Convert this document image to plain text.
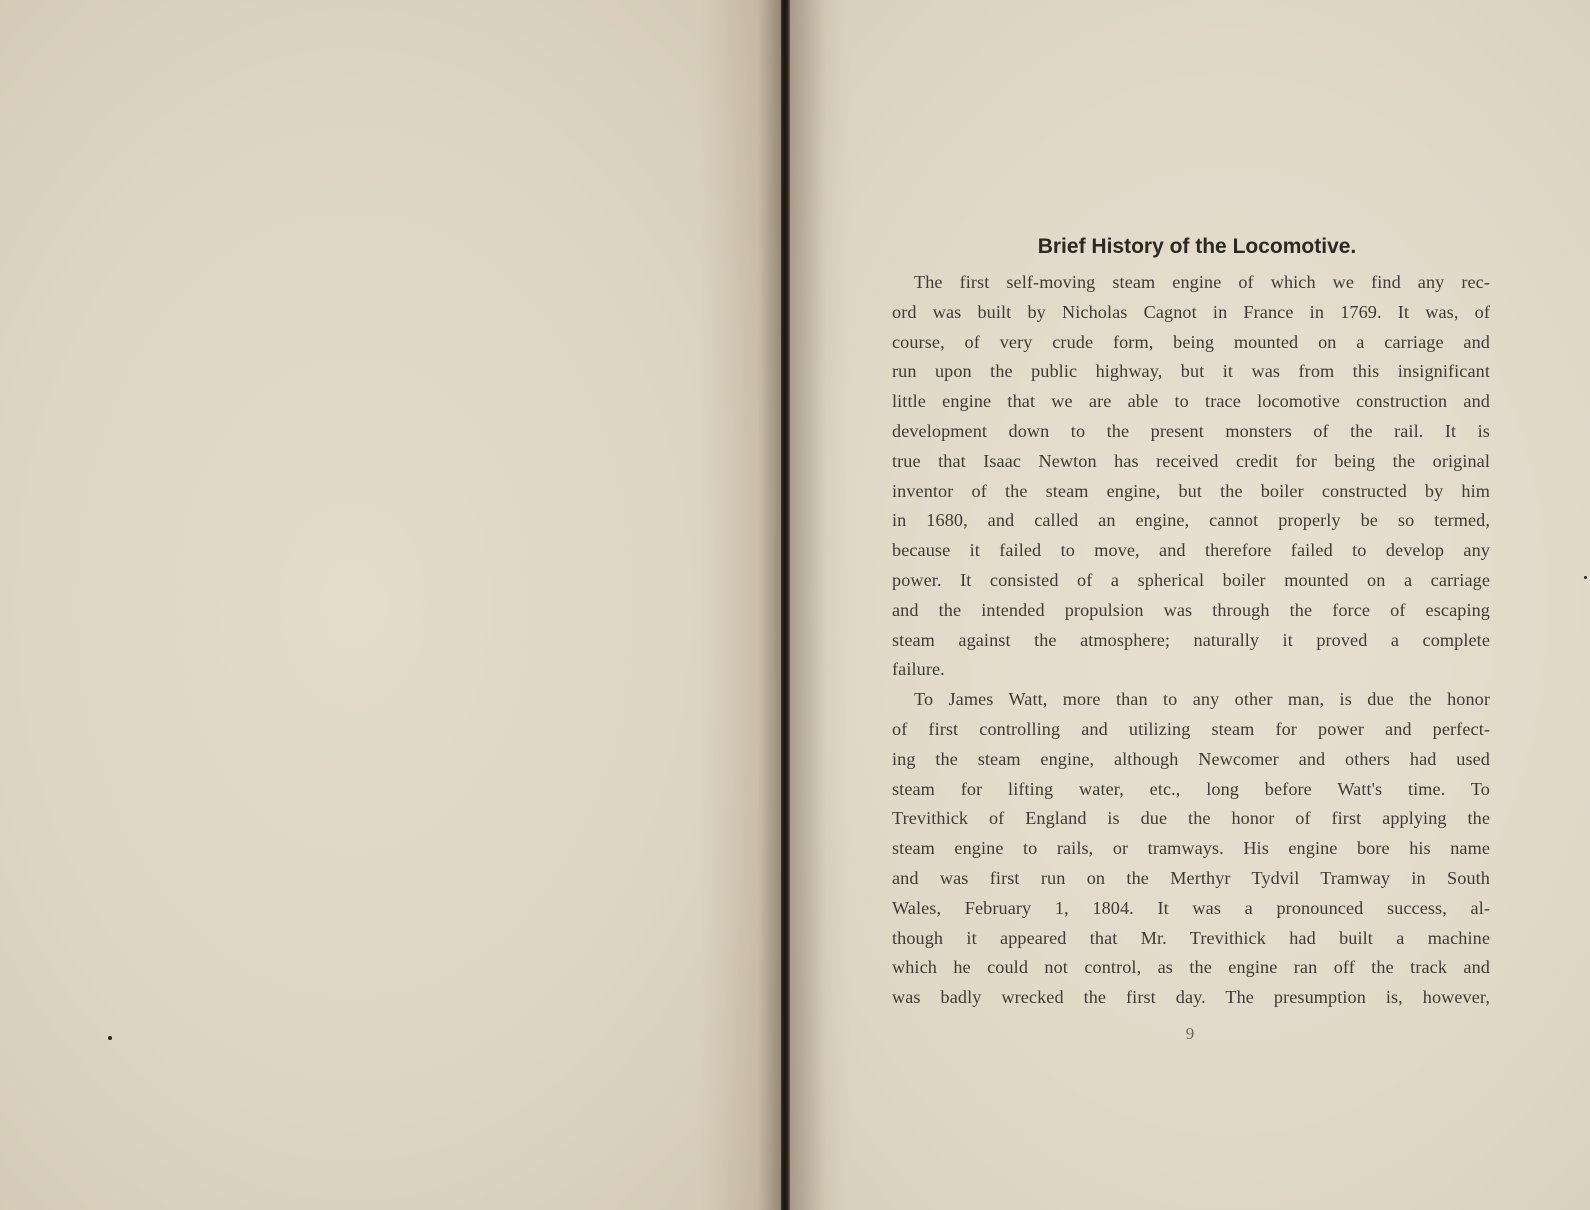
Brief History of the Locomotive.
The first self-moving steam engine of which we find any rec-
ord was built by Nicholas Cagnot in France in 1769. It was, of
course, of very crude form, being mounted on a carriage and
run upon the public highway, but it was from this insignificant
little engine that we are able to trace locomotive construction and
development down to the present monsters of the rail. It is
true that Isaac Newton has received credit for being the original
inventor of the steam engine, but the boiler constructed by him
in 1680, and called an engine, cannot properly be so termed,
because it failed to move, and therefore failed to develop any
power. It consisted of a spherical boiler mounted on a carriage
and the intended propulsion was through the force of escaping
steam against the atmosphere; naturally it proved a complete
failure.
To James Watt, more than to any other man, is due the honor
of first controlling and utilizing steam for power and perfect-
ing the steam engine, although Newcomer and others had used
steam for lifting water, etc., long before Watt's time. To
Trevithick of England is due the honor of first applying the
steam engine to rails, or tramways. His engine bore his name
and was first run on the Merthyr Tydvil Tramway in South
Wales, February 1, 1804. It was a pronounced success, al-
though it appeared that Mr. Trevithick had built a machine
which he could not control, as the engine ran off the track and
was badly wrecked the first day. The presumption is, however,
9
